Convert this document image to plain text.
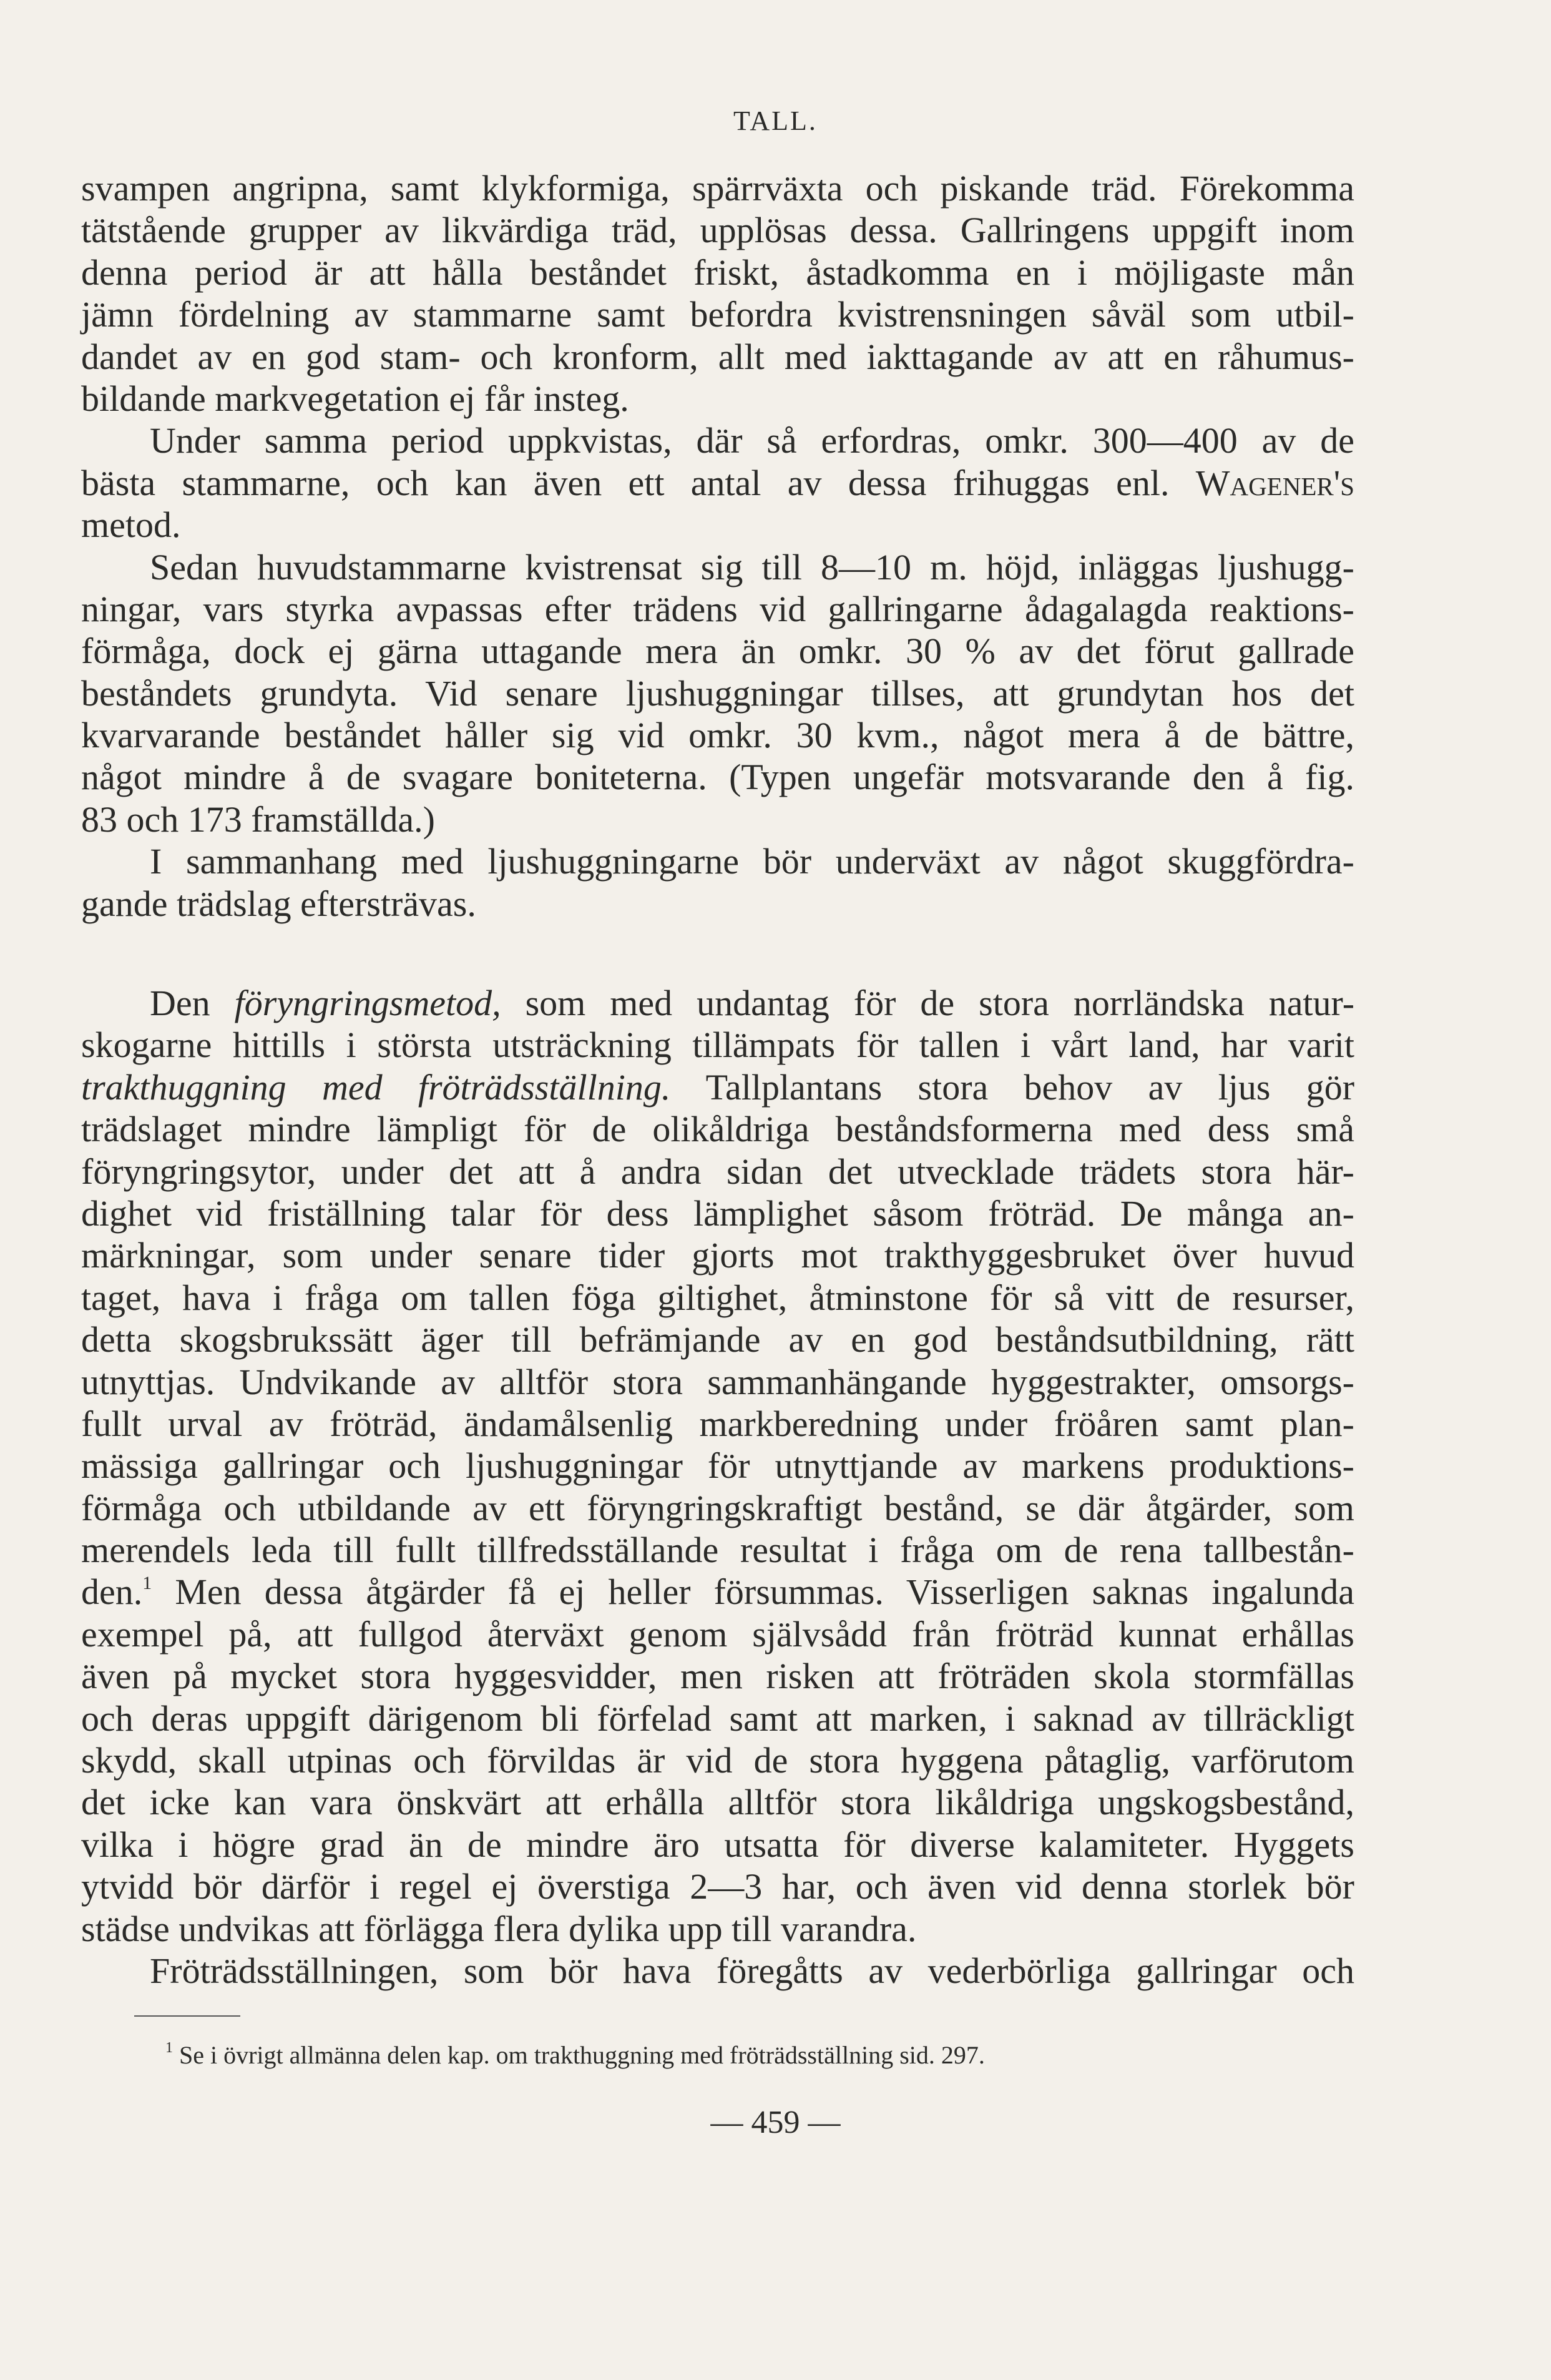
TALL.
svampen angripna, samt klykformiga, spärrväxta och piskande träd. Förekomma
tätstående grupper av likvärdiga träd, upplösas dessa. Gallringens uppgift inom
denna period är att hålla beståndet friskt, åstadkomma en i möjligaste mån
jämn fördelning av stammarne samt befordra kvistrensningen såväl som utbil-
dandet av en god stam- och kronform, allt med iakttagande av att en råhumus-
bildande markvegetation ej får insteg.
Under samma period uppkvistas, där så erfordras, omkr. 300—400 av de
bästa stammarne, och kan även ett antal av dessa frihuggas enl. Wagener's
metod.
Sedan huvudstammarne kvistrensat sig till 8—10 m. höjd, inläggas ljushugg-
ningar, vars styrka avpassas efter trädens vid gallringarne ådagalagda reaktions-
förmåga, dock ej gärna uttagande mera än omkr. 30 % av det förut gallrade
beståndets grundyta. Vid senare ljushuggningar tillses, att grundytan hos det
kvarvarande beståndet håller sig vid omkr. 30 kvm., något mera å de bättre,
något mindre å de svagare boniteterna. (Typen ungefär motsvarande den å fig.
83 och 173 framställda.)
I sammanhang med ljushuggningarne bör underväxt av något skuggfördra-
gande trädslag eftersträvas.
Den föryngringsmetod, som med undantag för de stora norrländska natur-
skogarne hittills i största utsträckning tillämpats för tallen i vårt land, har varit
trakthuggning med fröträdsställning. Tallplantans stora behov av ljus gör
trädslaget mindre lämpligt för de olikåldriga beståndsformerna med dess små
föryngringsytor, under det att å andra sidan det utvecklade trädets stora här-
dighet vid friställning talar för dess lämplighet såsom fröträd. De många an-
märkningar, som under senare tider gjorts mot trakthyggesbruket över huvud
taget, hava i fråga om tallen föga giltighet, åtminstone för så vitt de resurser,
detta skogsbrukssätt äger till befrämjande av en god beståndsutbildning, rätt
utnyttjas. Undvikande av alltför stora sammanhängande hyggestrakter, omsorgs-
fullt urval av fröträd, ändamålsenlig markberedning under fröåren samt plan-
mässiga gallringar och ljushuggningar för utnyttjande av markens produktions-
förmåga och utbildande av ett föryngringskraftigt bestånd, se där åtgärder, som
merendels leda till fullt tillfredsställande resultat i fråga om de rena tallbestån-
den.$^1$ Men dessa åtgärder få ej heller försummas. Visserligen saknas ingalunda
exempel på, att fullgod återväxt genom självsådd från fröträd kunnat erhållas
även på mycket stora hyggesvidder, men risken att fröträden skola stormfällas
och deras uppgift därigenom bli förfelad samt att marken, i saknad av tillräckligt
skydd, skall utpinas och förvildas är vid de stora hyggena påtaglig, varförutom
det icke kan vara önskvärt att erhålla alltför stora likåldriga ungskogsbestånd,
vilka i högre grad än de mindre äro utsatta för diverse kalamiteter. Hyggets
ytvidd bör därför i regel ej överstiga 2—3 har, och även vid denna storlek bör
städse undvikas att förlägga flera dylika upp till varandra.
Fröträdsställningen, som bör hava föregåtts av vederbörliga gallringar och
$^1$ Se i övrigt allmänna delen kap. om trakthuggning med fröträdsställning sid. 297.
— 459 —
